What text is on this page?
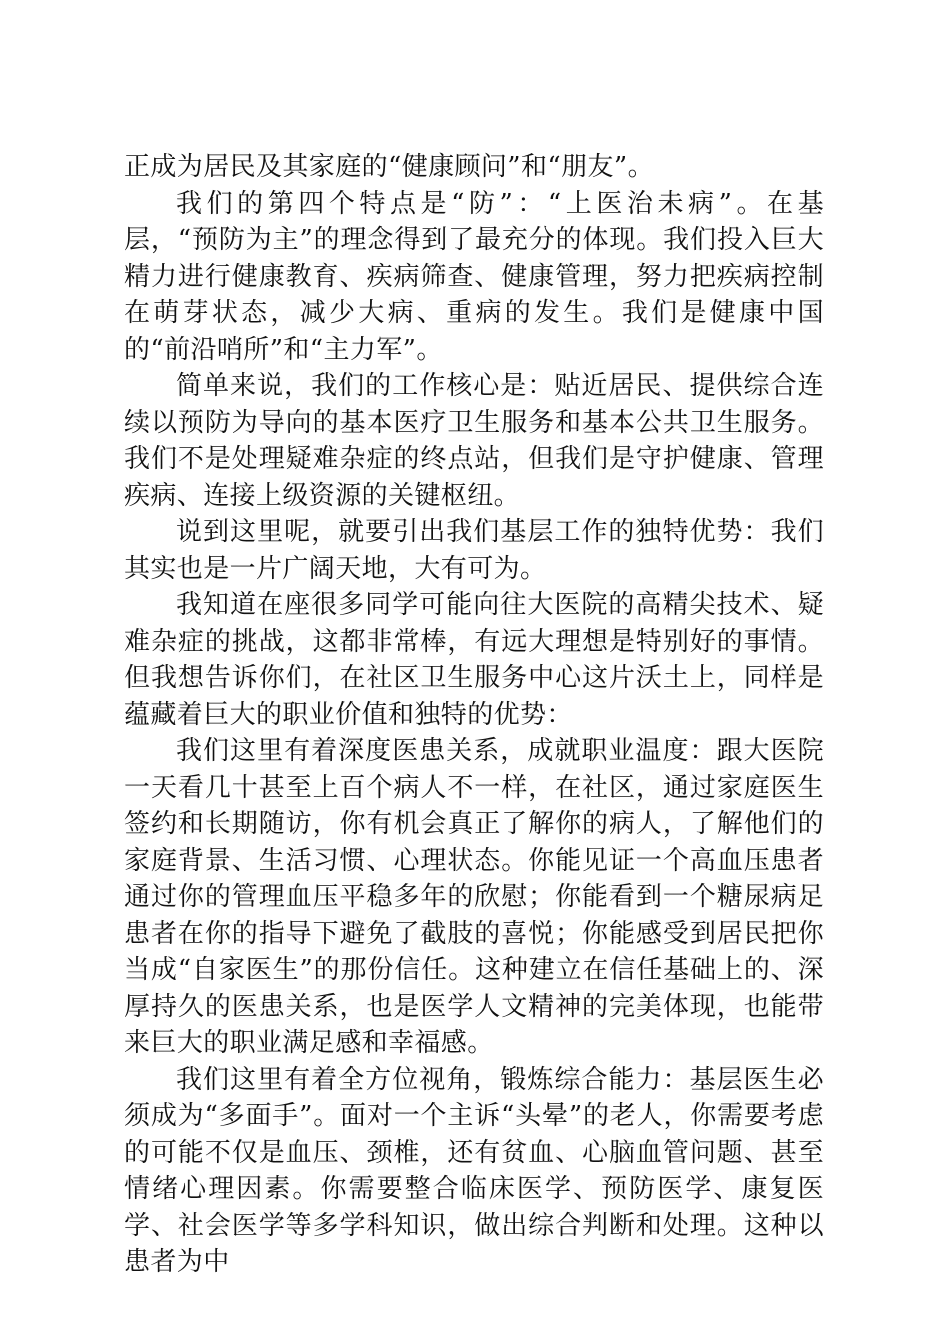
正成为居民及其家庭的“健康顾问”和“朋友”。

我们的第四个特点是“防”：“上医治未病”。在基层，“预防为主”的理念得到了最充分的体现。我们投入巨大精力进行健康教育、疾病筛查、健康管理，努力把疾病控制在萌芽状态，减少大病、重病的发生。我们是健康中国的“前沿哨所”和“主力军”。

简单来说，我们的工作核心是：贴近居民、提供综合连续以预防为导向的基本医疗卫生服务和基本公共卫生服务。我们不是处理疑难杂症的终点站，但我们是守护健康、管理疾病、连接上级资源的关键枢纽。

说到这里呢，就要引出我们基层工作的独特优势：我们其实也是一片广阔天地，大有可为。

我知道在座很多同学可能向往大医院的高精尖技术、疑难杂症的挑战，这都非常棒，有远大理想是特别好的事情。但我想告诉你们，在社区卫生服务中心这片沃土上，同样是蕴藏着巨大的职业价值和独特的优势：

我们这里有着深度医患关系，成就职业温度：跟大医院一天看几十甚至上百个病人不一样，在社区，通过家庭医生签约和长期随访，你有机会真正了解你的病人，了解他们的家庭背景、生活习惯、心理状态。你能见证一个高血压患者通过你的管理血压平稳多年的欣慰；你能看到一个糖尿病足患者在你的指导下避免了截肢的喜悦；你能感受到居民把你当成“自家医生”的那份信任。这种建立在信任基础上的、深厚持久的医患关系，也是医学人文精神的完美体现，也能带来巨大的职业满足感和幸福感。

我们这里有着全方位视角，锻炼综合能力：基层医生必须成为“多面手”。面对一个主诉“头晕”的老人，你需要考虑的可能不仅是血压、颈椎，还有贫血、心脑血管问题、甚至情绪心理因素。你需要整合临床医学、预防医学、康复医学、社会医学等多学科知识，做出综合判断和处理。这种以患者为中
